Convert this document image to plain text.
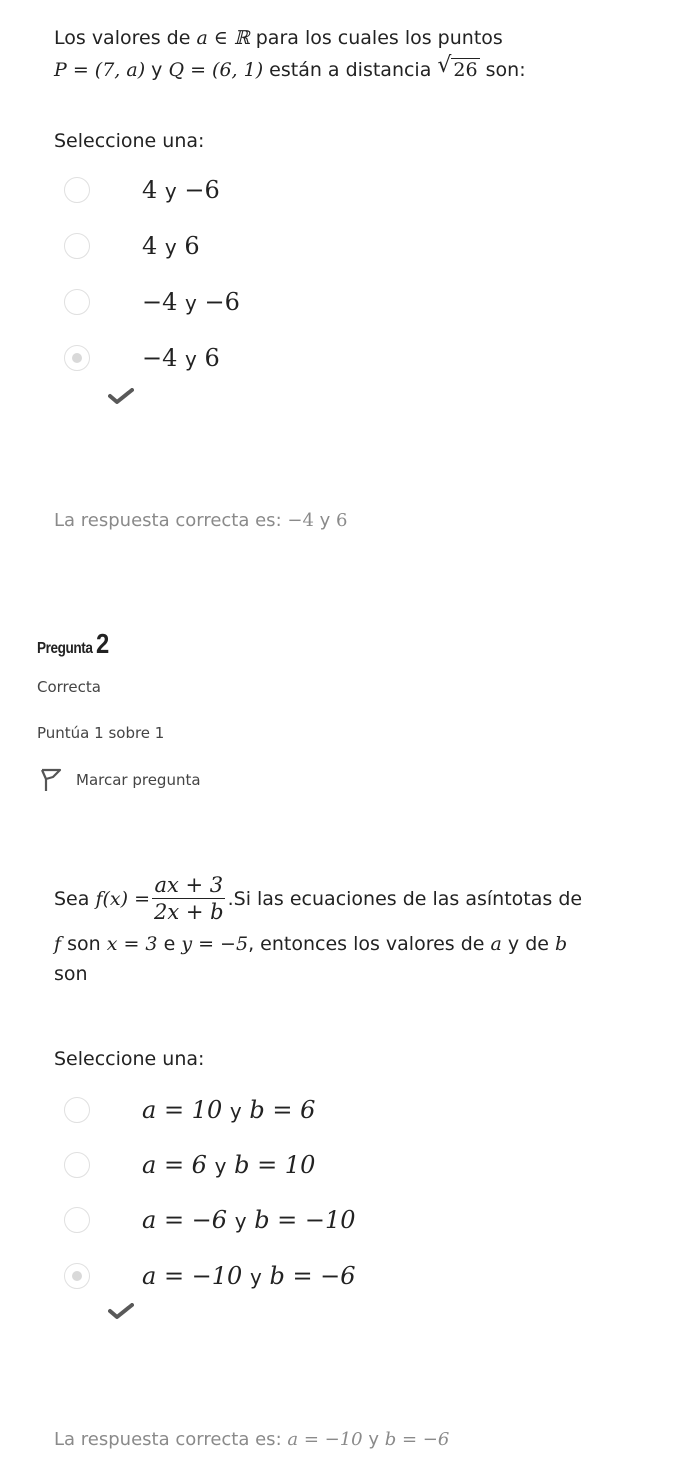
Los valores de a ∈ ℝ para los cuales los puntos
P = (7, a) y Q = (6, 1) están a distancia √ 26 son:
Seleccione una:
4 y −6
4 y 6
−4 y −6
−4 y 6
La respuesta correcta es: −4 y 6
Pregunta 2
Correcta
Puntúa 1 sobre 1
Marcar pregunta
Sea
$f(x) = \frac{ax + 3}{2x + b} .Si$ las ecuaciones de las asíntotas de
f son x = 3 e y = −5, entonces los valores de a y de b
son
Seleccione una:
a = 10 y b = 6
a = 6 y b = 10
a = −6 y b = −10
a = −10 y b = −6
La respuesta correcta es: a = −10 y b = −6
